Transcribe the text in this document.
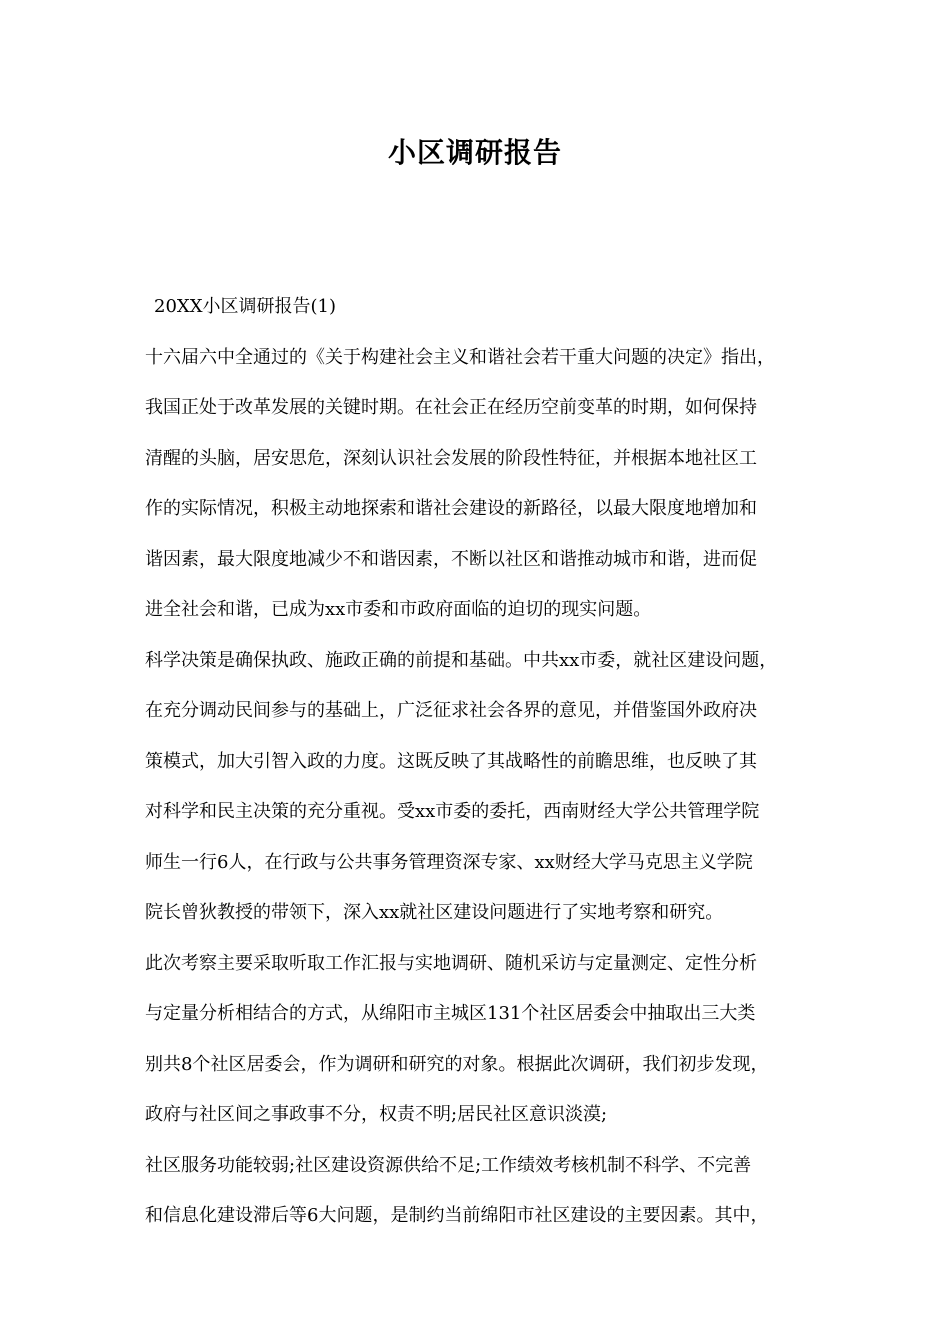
小区调研报告
20XX小区调研报告(1)
十六届六中全通过的《关于构建社会主义和谐社会若干重大问题的决定》指出，
我国正处于改革发展的关键时期。在社会正在经历空前变革的时期，如何保持
清醒的头脑，居安思危，深刻认识社会发展的阶段性特征，并根据本地社区工
作的实际情况，积极主动地探索和谐社会建设的新路径，以最大限度地增加和
谐因素，最大限度地减少不和谐因素，不断以社区和谐推动城市和谐，进而促
进全社会和谐，已成为xx市委和市政府面临的迫切的现实问题。
科学决策是确保执政、施政正确的前提和基础。中共xx市委，就社区建设问题，
在充分调动民间参与的基础上，广泛征求社会各界的意见，并借鉴国外政府决
策模式，加大引智入政的力度。这既反映了其战略性的前瞻思维，也反映了其
对科学和民主决策的充分重视。受xx市委的委托，西南财经大学公共管理学院
师生一行6人，在行政与公共事务管理资深专家、xx财经大学马克思主义学院
院长曾狄教授的带领下，深入xx就社区建设问题进行了实地考察和研究。
此次考察主要采取听取工作汇报与实地调研、随机采访与定量测定、定性分析
与定量分析相结合的方式，从绵阳市主城区131个社区居委会中抽取出三大类
别共8个社区居委会，作为调研和研究的对象。根据此次调研，我们初步发现，
政府与社区间之事政事不分，权责不明;居民社区意识淡漠;
社区服务功能较弱;社区建设资源供给不足;工作绩效考核机制不科学、不完善
和信息化建设滞后等6大问题，是制约当前绵阳市社区建设的主要因素。其中，
